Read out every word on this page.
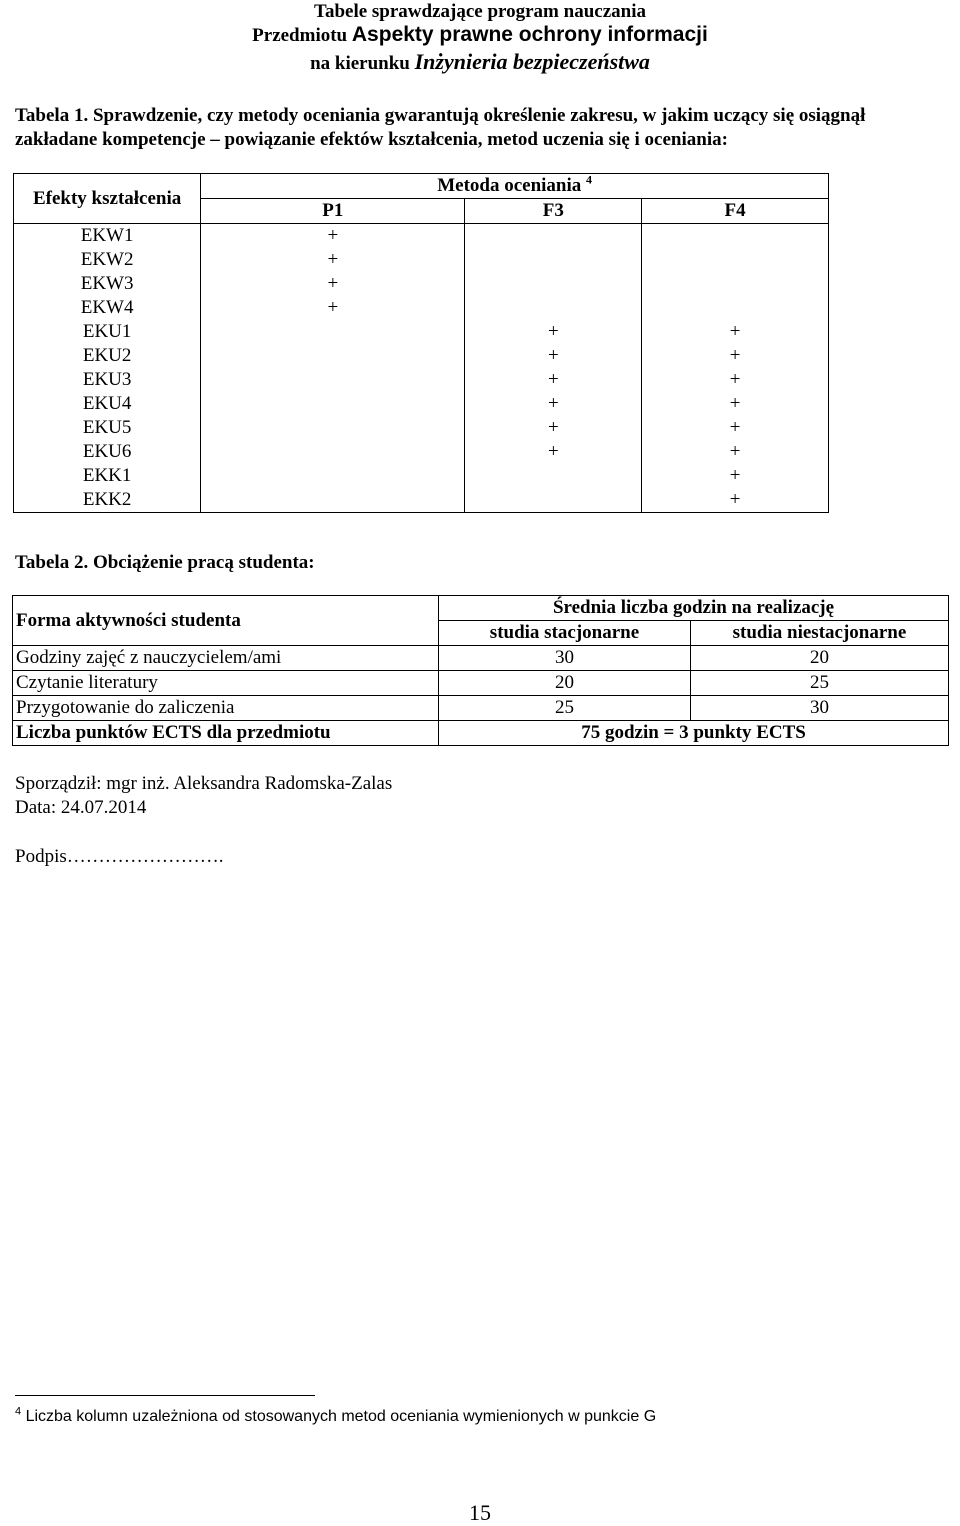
Tabele sprawdzające program nauczania
Przedmiotu Aspekty prawne ochrony informacji
na kierunku Inżynieria bezpieczeństwa
Tabela 1. Sprawdzenie, czy metody oceniania gwarantują określenie zakresu, w jakim uczący się osiągnął
zakładane kompetencje – powiązanie efektów kształcenia, metod uczenia się i oceniania:
Efekty kształcenia	Metoda oceniania $^4$
	P1	F3	F4
EKW1	+		
EKW2	+		
EKW3	+		
EKW4	+		
EKU1		+	+
EKU2		+	+
EKU3		+	+
EKU4		+	+
EKU5		+	+
EKU6		+	+
EKK1			+
EKK2			+
Tabela 2. Obciążenie pracą studenta:
Forma aktywności studenta	Średnia liczba godzin na realizację	
	studia stacjonarne	studia niestacjonarne
Godziny zajęć z nauczycielem/ami	30	20
Czytanie literatury	20	25
Przygotowanie do zaliczenia	25	30
Liczba punktów ECTS dla przedmiotu	75 godzin = 3 punkty ECTS	
Sporządził: mgr inż. Aleksandra Radomska-Zalas
Data: 24.07.2014
Podpis…………………….
$^4$ Liczba kolumn uzależniona od stosowanych metod oceniania wymienionych w punkcie G
15
